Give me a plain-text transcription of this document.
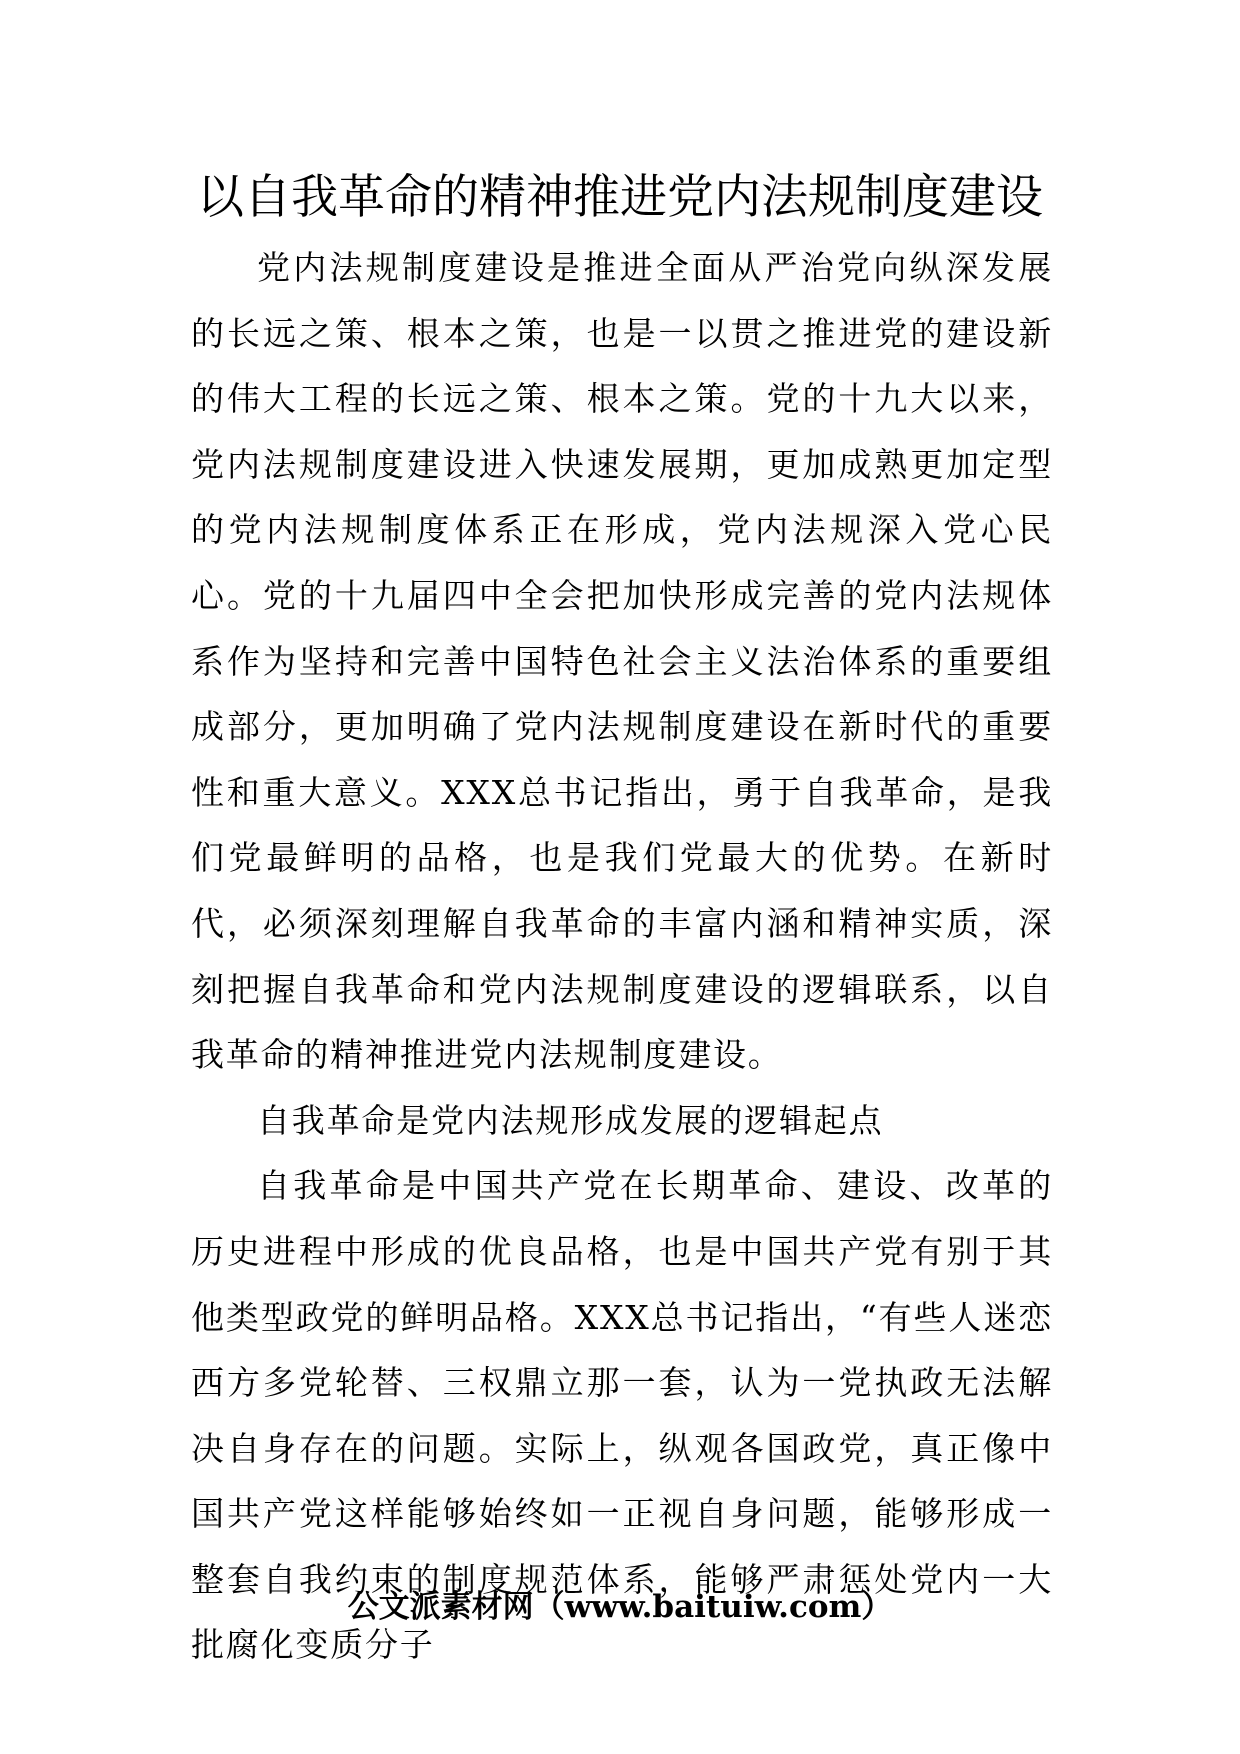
以自我革命的精神推进党内法规制度建设

党内法规制度建设是推进全面从严治党向纵深发展的长远之策、根本之策，也是一以贯之推进党的建设新的伟大工程的长远之策、根本之策。党的十九大以来，党内法规制度建设进入快速发展期，更加成熟更加定型的党内法规制度体系正在形成，党内法规深入党心民心。党的十九届四中全会把加快形成完善的党内法规体系作为坚持和完善中国特色社会主义法治体系的重要组成部分，更加明确了党内法规制度建设在新时代的重要性和重大意义。XXX总书记指出，勇于自我革命，是我们党最鲜明的品格，也是我们党最大的优势。在新时代，必须深刻理解自我革命的丰富内涵和精神实质，深刻把握自我革命和党内法规制度建设的逻辑联系，以自我革命的精神推进党内法规制度建设。

自我革命是党内法规形成发展的逻辑起点

自我革命是中国共产党在长期革命、建设、改革的历史进程中形成的优良品格，也是中国共产党有别于其他类型政党的鲜明品格。XXX总书记指出，“有些人迷恋西方多党轮替、三权鼎立那一套，认为一党执政无法解决自身存在的问题。实际上，纵观各国政党，真正像中国共产党这样能够始终如一正视自身问题，能够形成一整套自我约束的制度规范体系，能够严肃惩处党内一大批腐化变质分子

公文派素材网（www.baituiw.com）
